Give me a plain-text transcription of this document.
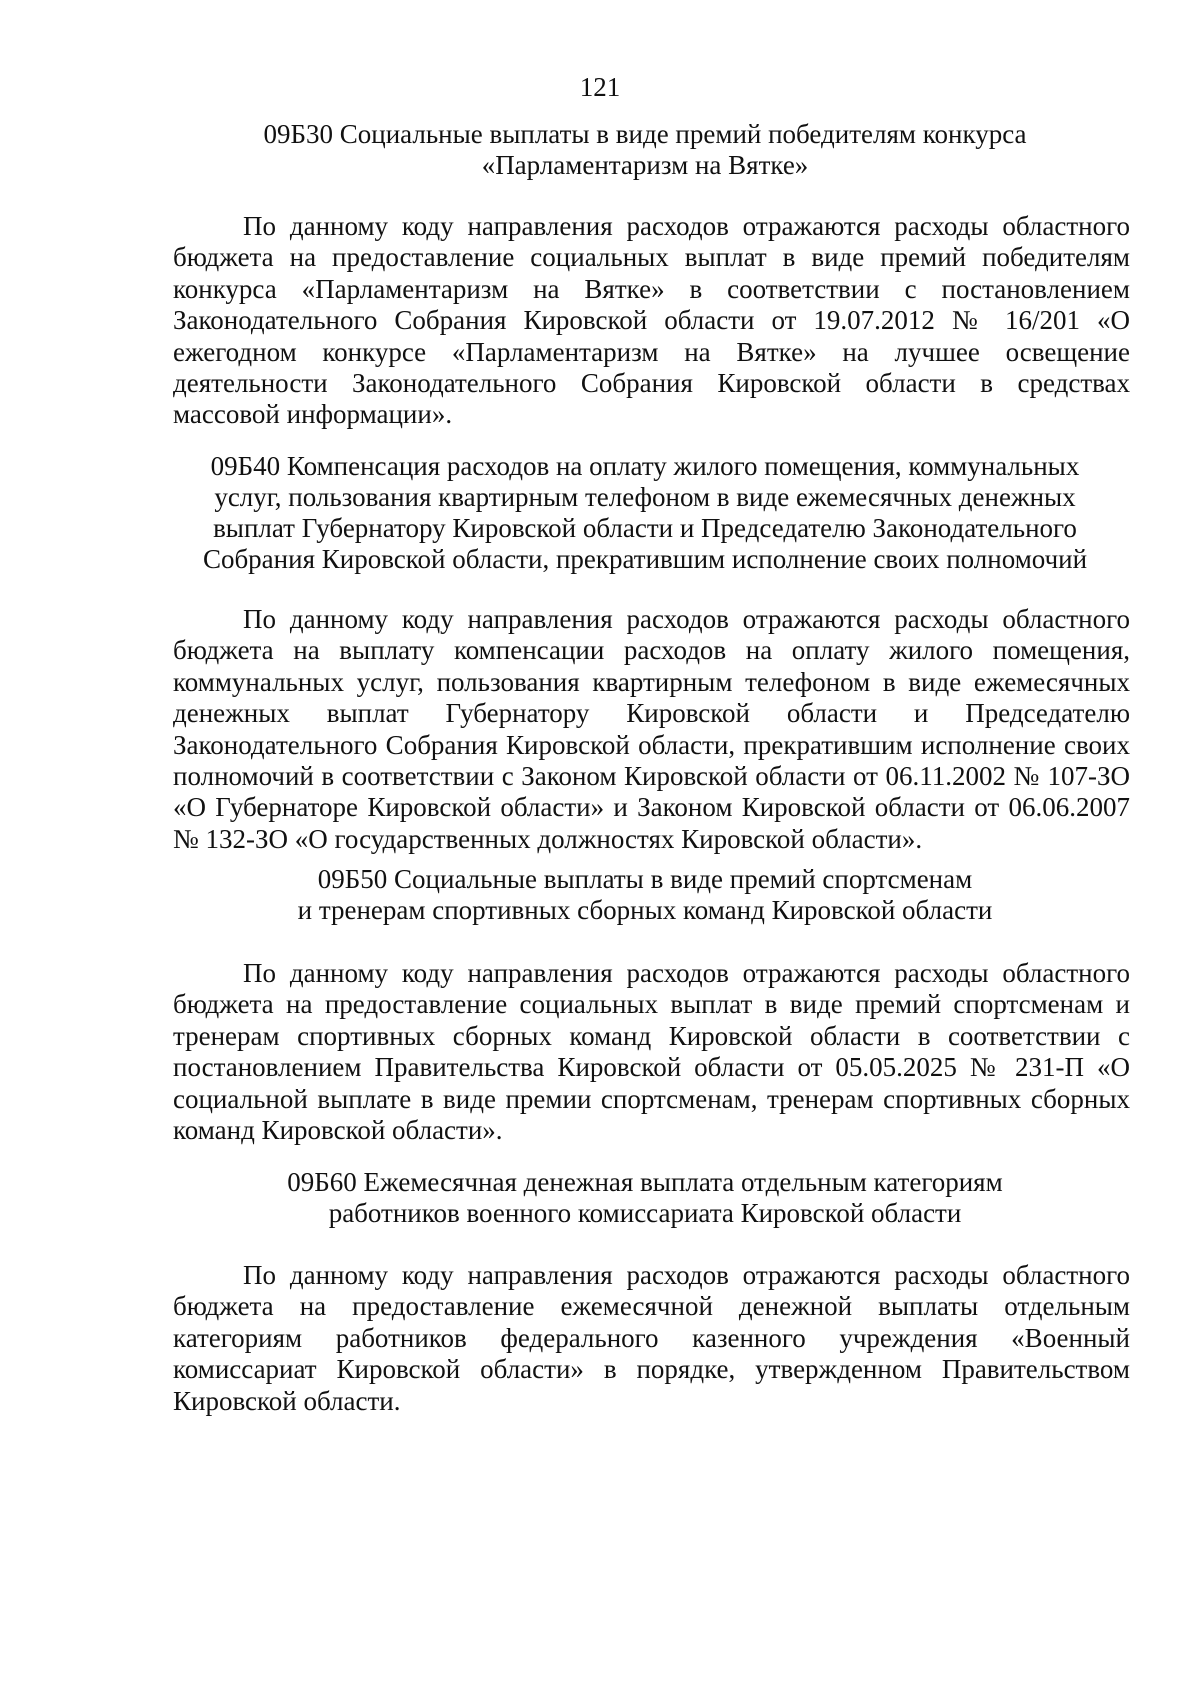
121
09Б30 Социальные выплаты в виде премий победителям конкурса
«Парламентаризм на Вятке»

По данному коду направления расходов отражаются расходы областного бюджета на предоставление социальных выплат в виде премий победителям конкурса «Парламентаризм на Вятке» в соответствии с постановлением Законодательного Собрания Кировской области от 19.07.2012 № 16/201 «О ежегодном конкурсе «Парламентаризм на Вятке» на лучшее освещение деятельности Законодательного Собрания Кировской области в средствах массовой информации».

09Б40 Компенсация расходов на оплату жилого помещения, коммунальных
услуг, пользования квартирным телефоном в виде ежемесячных денежных
выплат Губернатору Кировской области и Председателю Законодательного
Собрания Кировской области, прекратившим исполнение своих полномочий

По данному коду направления расходов отражаются расходы областного бюджета на выплату компенсации расходов на оплату жилого помещения, коммунальных услуг, пользования квартирным телефоном в виде ежемесячных денежных выплат Губернатору Кировской области и Председателю Законодательного Собрания Кировской области, прекратившим исполнение своих полномочий в соответствии с Законом Кировской области от 06.11.2002 № 107-ЗО «О Губернаторе Кировской области» и Законом Кировской области от 06.06.2007 № 132-ЗО «О государственных должностях Кировской области».

09Б50 Социальные выплаты в виде премий спортсменам
и тренерам спортивных сборных команд Кировской области

По данному коду направления расходов отражаются расходы областного бюджета на предоставление социальных выплат в виде премий спортсменам и тренерам спортивных сборных команд Кировской области в соответствии с постановлением Правительства Кировской области от 05.05.2025 № 231-П «О социальной выплате в виде премии спортсменам, тренерам спортивных сборных команд Кировской области».

09Б60 Ежемесячная денежная выплата отдельным категориям
работников военного комиссариата Кировской области

По данному коду направления расходов отражаются расходы областного бюджета на предоставление ежемесячной денежной выплаты отдельным категориям работников федерального казенного учреждения «Военный комиссариат Кировской области» в порядке, утвержденном Правительством Кировской области.
